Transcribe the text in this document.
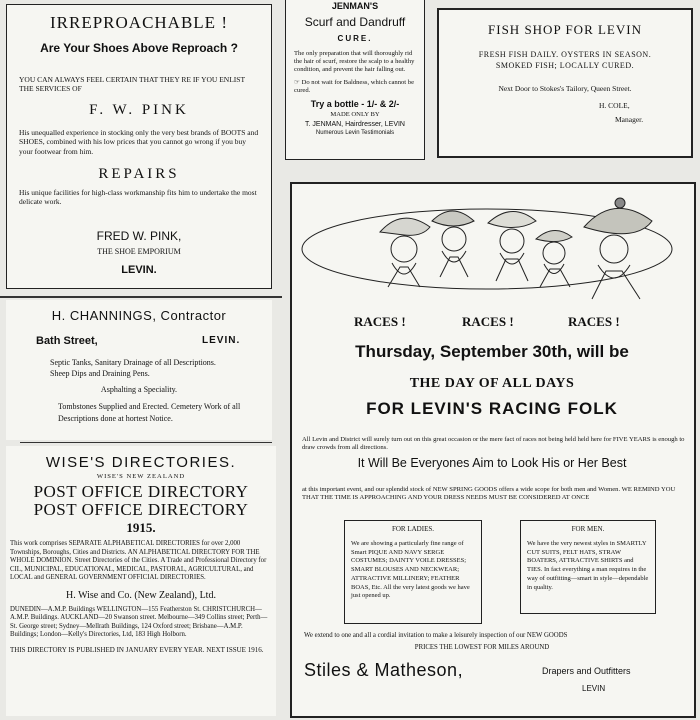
IRREPROACHABLE !

Are Your Shoes Above Reproach ?

YOU CAN ALWAYS FEEL CERTAIN THAT THEY RE IF YOU ENLIST THE SERVICES OF

F. W. PINK

His unequalled experience in stocking only the very best brands of BOOTS and SHOES, combined with his low prices that you cannot go wrong if you buy your footwear from him.

REPAIRS

His unique facilities for high-class workmanship fits him to undertake the most delicate work.

FRED W. PINK,

THE SHOE EMPORIUM

LEVIN.

JENMAN'S

Scurf and Dandruff

CURE.

The only preparation that will thoroughly rid the hair of scurf, restore the scalp to a healthy condition, and prevent the hair falling out.

☞ Do not wait for Baldness, which cannot be cured.

Try a bottle - 1/- & 2/-

MADE ONLY BY

T. JENMAN, Hairdresser, LEVIN

Numerous Levin Testimonials

FISH SHOP FOR LEVIN

FRESH FISH DAILY. OYSTERS IN SEASON. SMOKED FISH; LOCALLY CURED.

Next Door to Stokes's Tailory, Queen Street.

H. COLE,

Manager.

H. CHANNINGS, Contractor

Bath Street,	LEVIN.

Septic Tanks, Sanitary Drainage of all Descriptions. Sheep Dips and Draining Pens.

Asphalting a Speciality.

Tombstones Supplied and Erected. Cemetery Work of all Descriptions done at hortest Notice.

WISE'S DIRECTORIES.

WISE'S NEW ZEALAND

POST OFFICE DIRECTORY

POST OFFICE DIRECTORY

1915.

This work comprises SEPARATE ALPHABETICAL DIRECTORIES for over 2,000 Townships, Boroughs, Cities and Districts. AN ALPHABETICAL DIRECTORY FOR THE WHOLE DOMINION. Street Directories of the Cities. A Trade and Professional Directory for CIL, MUNICIPAL, EDUCATIONAL, MEDICAL, PASTORAL, AGRICULTURAL, and LOCAL and GENERAL GOVERNMENT OFFICIAL DIRECTORIES.

H. Wise and Co. (New Zealand), Ltd.

DUNEDIN—A.M.P. Buildings WELLINGTON—155 Featherston St. CHRISTCHURCH—A.M.P. Buildings. AUCKLAND—20 Swanson street. Melbourne—349 Collins street; Perth—St. George street; Sydney—Mellrath Buildings, 124 Oxford street; Brisbane—A.M.P. Buildings; London—Kelly's Directories, Ltd, 183 High Holborn.

THIS DIRECTORY IS PUBLISHED IN JANUARY EVERY YEAR. NEXT ISSUE 1916.

RACES !	RACES !	RACES !

Thursday, September 30th, will be

THE DAY OF ALL DAYS

FOR LEVIN'S RACING FOLK

All Levin and District will surely turn out on this great occasion or the mere fact of races not being held held here for FIVE YEARS is enough to draw crowds from all directions.

It Will Be Everyones Aim to Look His or Her Best

at this important event, and our splendid stock of NEW SPRING GOODS offers a wide scope for both men and Women. WE REMIND YOU THAT THE TIME IS APPROACHING AND YOUR DRESS NEEDS MUST BE CONSIDERED AT ONCE

FOR LADIES.

We are showing a particularly fine range of Smart PIQUE AND NAVY SERGE COSTUMES; DAINTY VOILE DRESSES; SMART BLOUSES AND NECKWEAR; ATTRACTIVE MILLINERY; FEATHER BOAS, Etc. All the very latest goods we have just opened up.

FOR MEN.

We have the very newest styles in SMARTLY CUT SUITS, FELT HATS, STRAW BOATERS, ATTRACTIVE SHIRTS and TIES. In fact everything a man requires in the way of outfitting—smart in style—dependable in quality.

We extend to one and all a cordial invitation to make a leisurely inspection of our NEW GOODS

PRICES THE LOWEST FOR MILES AROUND

Stiles & Matheson,	Drapers and Outfitters

LEVIN
